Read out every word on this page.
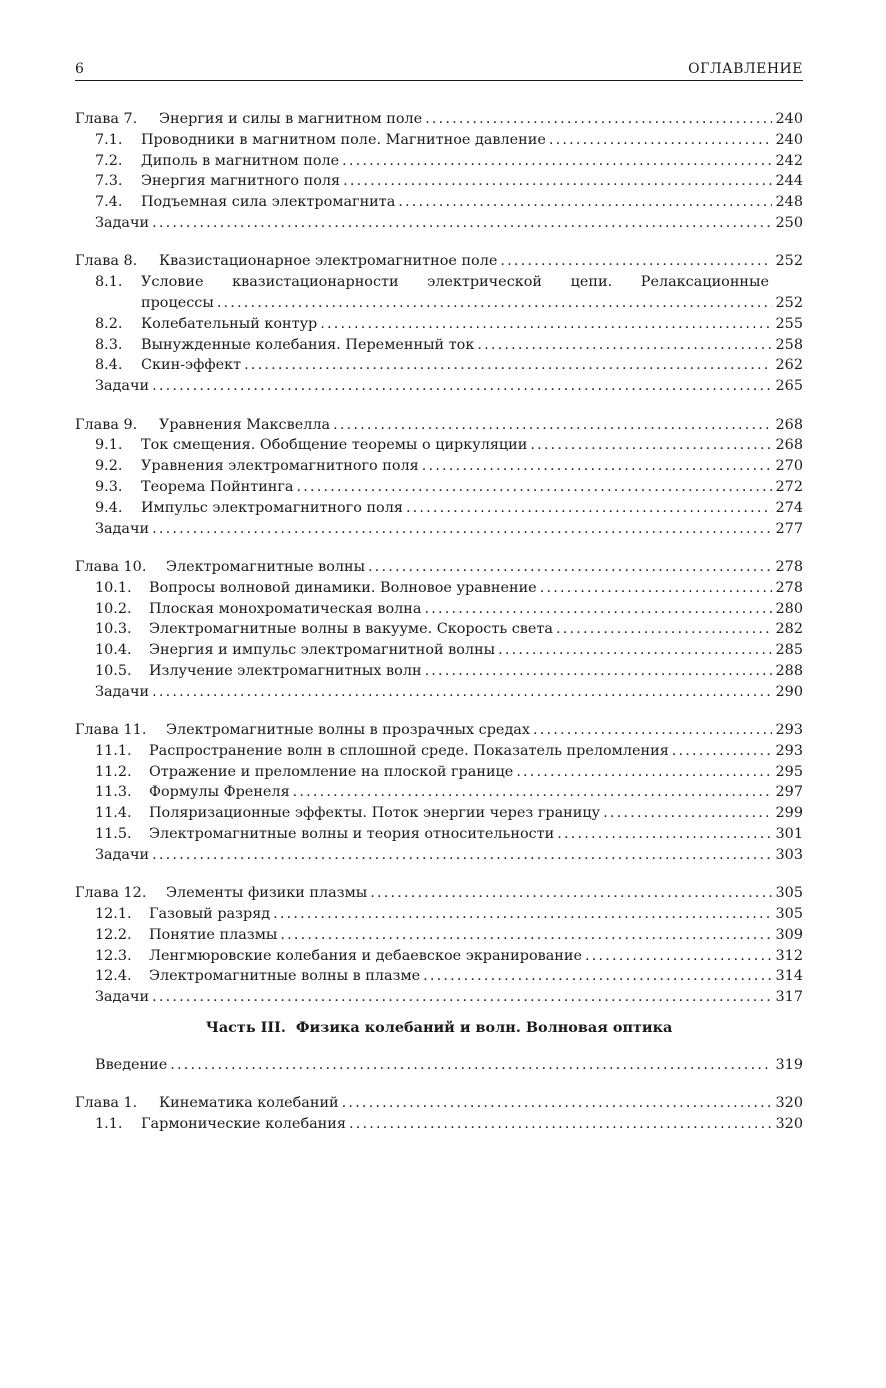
6	ОГЛАВЛЕНИЕ
Глава 7.	Энергия и силы в магнитном поле . . .	240
7.1.	Проводники в магнитном поле. Магнитное давление . . .	240
7.2.	Диполь в магнитном поле . . .	242
7.3.	Энергия магнитного поля . . .	244
7.4.	Подъемная сила электромагнита . . .	248
Задачи . . .	250
Глава 8.	Квазистационарное электромагнитное поле . . .	252
8.1.	Условие квазистационарности электрической цепи. Релаксационные
процессы . . .	252
8.2.	Колебательный контур . . .	255
8.3.	Вынужденные колебания. Переменный ток . . .	258
8.4.	Скин-эффект . . .	262
Задачи . . .	265
Глава 9.	Уравнения Максвелла . . .	268
9.1.	Ток смещения. Обобщение теоремы о циркуляции . . .	268
9.2.	Уравнения электромагнитного поля . . .	270
9.3.	Теорема Пойнтинга . . .	272
9.4.	Импульс электромагнитного поля . . .	274
Задачи . . .	277
Глава 10.	Электромагнитные волны . . .	278
10.1.	Вопросы волновой динамики. Волновое уравнение . . .	278
10.2.	Плоская монохроматическая волна . . .	280
10.3.	Электромагнитные волны в вакууме. Скорость света . . .	282
10.4.	Энергия и импульс электромагнитной волны . . .	285
10.5.	Излучение электромагнитных волн . . .	288
Задачи . . .	290
Глава 11.	Электромагнитные волны в прозрачных средах . . .	293
11.1.	Распространение волн в сплошной среде. Показатель преломления . . .	293
11.2.	Отражение и преломление на плоской границе . . .	295
11.3.	Формулы Френеля . . .	297
11.4.	Поляризационные эффекты. Поток энергии через границу . . .	299
11.5.	Электромагнитные волны и теория относительности . . .	301
Задачи . . .	303
Глава 12.	Элементы физики плазмы . . .	305
12.1.	Газовый разряд . . .	305
12.2.	Понятие плазмы . . .	309
12.3.	Ленгмюровские колебания и дебаевское экранирование . . .	312
12.4.	Электромагнитные волны в плазме . . .	314
Задачи . . .	317
Часть III. Физика колебаний и волн. Волновая оптика
Введение . . .	319
Глава 1.	Кинематика колебаний . . .	320
1.1.	Гармонические колебания . . .	320
